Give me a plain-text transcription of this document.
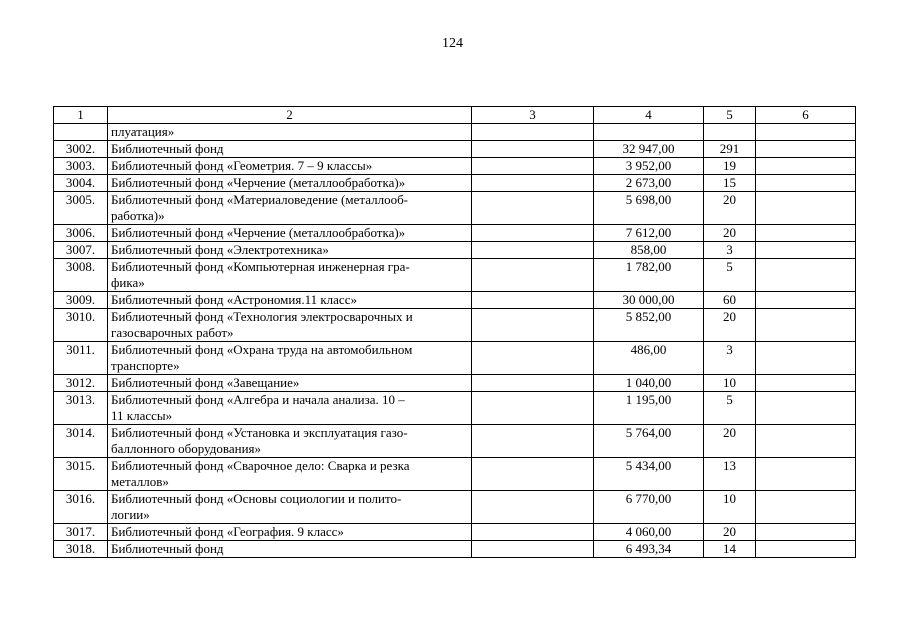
124
1	2	3	4	5	6

	плуатация»				

3002.	Библиотечный фонд		32 947,00	291	
3003.	Библиотечный фонд «Геометрия. 7 – 9 классы»		3 952,00	19	
3004.	Библиотечный фонд «Черчение (металлообработка)»		2 673,00	15	
3005.	Библиотечный фонд «Материаловедение (металлооб-
работка)»		5 698,00	20	
3006.	Библиотечный фонд «Черчение (металлообработка)»		7 612,00	20	
3007.	Библиотечный фонд «Электротехника»		858,00	3	
3008.	Библиотечный фонд «Компьютерная инженерная гра-
фика»		1 782,00	5	
3009.	Библиотечный фонд «Астрономия.11 класс»		30 000,00	60	
3010.	Библиотечный фонд «Технология электросварочных и
газосварочных работ»		5 852,00	20	
3011.	Библиотечный фонд «Охрана труда на автомобильном
транспорте»		486,00	3	
3012.	Библиотечный фонд «Завещание»		1 040,00	10	
3013.	Библиотечный фонд «Алгебра и начала анализа. 10 –
11 классы»		1 195,00	5	
3014.	Библиотечный фонд «Установка и эксплуатация газо-
баллонного оборудования»		5 764,00	20	
3015.	Библиотечный фонд «Сварочное дело: Сварка и резка
металлов»		5 434,00	13	
3016.	Библиотечный фонд «Основы социологии и полито-
логии»		6 770,00	10	
3017.	Библиотечный фонд «География. 9 класс»		4 060,00	20	
3018.	Библиотечный фонд		6 493,34	14	
